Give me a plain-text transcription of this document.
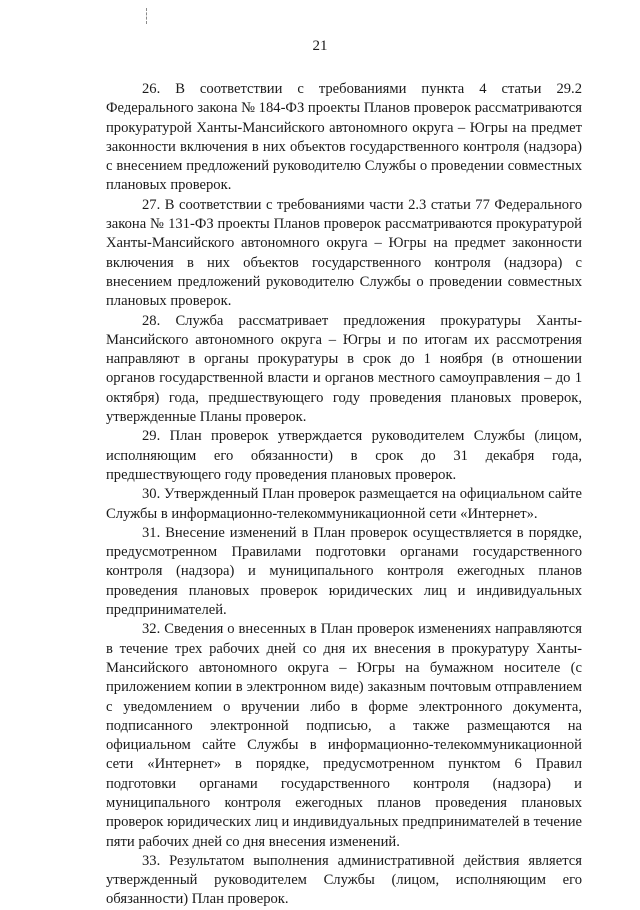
21

26. В соответствии с требованиями пункта 4 статьи 29.2 Федерального закона № 184-ФЗ проекты Планов проверок рассматриваются прокуратурой Ханты-Мансийского автономного округа – Югры на предмет законности включения в них объектов государственного контроля (надзора) с внесением предложений руководителю Службы о проведении совместных плановых проверок.

27. В соответствии с требованиями части 2.3 статьи 77 Федерального закона № 131-ФЗ проекты Планов проверок рассматриваются прокуратурой Ханты-Мансийского автономного округа – Югры на предмет законности включения в них объектов государственного контроля (надзора) с внесением предложений руководителю Службы о проведении совместных плановых проверок.

28. Служба рассматривает предложения прокуратуры Ханты-Мансийского автономного округа – Югры и по итогам их рассмотрения направляют в органы прокуратуры в срок до 1 ноября (в отношении органов государственной власти и органов местного самоуправления – до 1 октября) года, предшествующего году проведения плановых проверок, утвержденные Планы проверок.

29. План проверок утверждается руководителем Службы (лицом, исполняющим его обязанности) в срок до 31 декабря года, предшествующего году проведения плановых проверок.

30. Утвержденный План проверок размещается на официальном сайте Службы в информационно-телекоммуникационной сети «Интернет».

31. Внесение изменений в План проверок осуществляется в порядке, предусмотренном Правилами подготовки органами государственного контроля (надзора) и муниципального контроля ежегодных планов проведения плановых проверок юридических лиц и индивидуальных предпринимателей.

32. Сведения о внесенных в План проверок изменениях направляются в течение трех рабочих дней со дня их внесения в прокуратуру Ханты-Мансийского автономного округа – Югры на бумажном носителе (с приложением копии в электронном виде) заказным почтовым отправлением с уведомлением о вручении либо в форме электронного документа, подписанного электронной подписью, а также размещаются на официальном сайте Службы в информационно-телекоммуникационной сети «Интернет» в порядке, предусмотренном пунктом 6 Правил подготовки органами государственного контроля (надзора) и муниципального контроля ежегодных планов проведения плановых проверок юридических лиц и индивидуальных предпринимателей в течение пяти рабочих дней со дня внесения изменений.

33. Результатом выполнения административной действия является утвержденный руководителем Службы (лицом, исполняющим его обязанности) План проверок.
